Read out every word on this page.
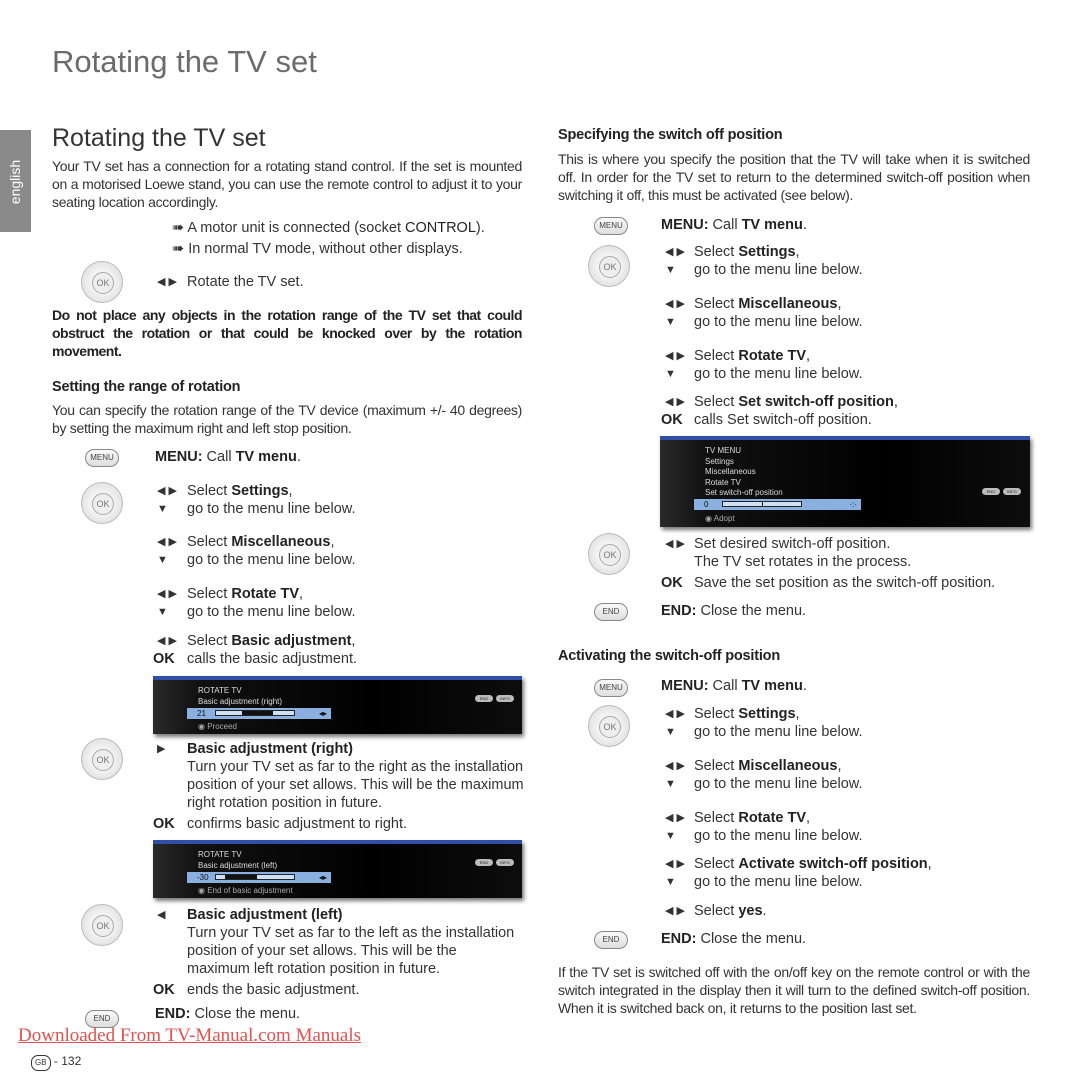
Rotating the TV set
english
Rotating the TV set
Your TV set has a connection for a rotating stand control. If the set is mounted on a motorised Loewe stand, you can use the remote control to adjust it to your seating location accordingly.
➠ A motor unit is connected (socket CONTROL).
➠ In normal TV mode, without other displays.
Do not place any objects in the rotation range of the TV set that could obstruct the rotation or that could be knocked over by the rotation movement.
Setting the range of rotation
You can specify the rotation range of the TV device (maximum +/- 40 degrees) by setting the maximum right and left stop position.
Specifying the switch off position
This is where you specify the position that the TV will take when it is switched off. In order for the TV set to return to the determined switch-off position when switching it off, this must be activated (see below).
Activating the switch-off position
If the TV set is switched off with the on/off key on the remote control or with the switch integrated in the display then it will turn to the defined switch-off position. When it is switched back on, it returns to the position last set.
MENU
END
MENU
END
MENU
END
OK
OK
OK
OK
OK
OK
OK
ROTATE TV
Basic adjustment (right)
21	◂▸
◉ Proceed
END	INFO
ROTATE TV
Basic adjustment (left)
-30	◂▸
◉ End of basic adjustment
END	INFO
TV MENU
Settings
Miscellaneous
Rotate TV
Set switch-off position
0	·:·
◉ Adopt
END	INFO
◀ ▶ Rotate the TV set.
MENU: Call TV menu.
◀ ▶ Select Settings,
▼ go to the menu line below.
◀ ▶ Select Miscellaneous,
▼ go to the menu line below.
◀ ▶ Select Rotate TV,
▼ go to the menu line below.
◀ ▶ Select Basic adjustment,
OK calls the basic adjustment.
▶ Basic adjustment (right)
Turn your TV set as far to the right as the installation
position of your set allows. This will be the maximum
right rotation position in future.
OK confirms basic adjustment to right.
◀ Basic adjustment (left)
Turn your TV set as far to the left as the installation
position of your set allows. This will be the
maximum left rotation position in future.
OK ends the basic adjustment.
END: Close the menu.
MENU: Call TV menu.
◀ ▶ Select Settings,
▼ go to the menu line below.
◀ ▶ Select Miscellaneous,
▼ go to the menu line below.
◀ ▶ Select Rotate TV,
▼ go to the menu line below.
◀ ▶ Select Set switch-off position,
OK calls Set switch-off position.
◀ ▶ Set desired switch-off position.
The TV set rotates in the process.
OK Save the set position as the switch-off position.
END: Close the menu.
MENU: Call TV menu.
◀ ▶ Select Settings,
▼ go to the menu line below.
◀ ▶ Select Miscellaneous,
▼ go to the menu line below.
◀ ▶ Select Rotate TV,
▼ go to the menu line below.
◀ ▶ Select Activate switch-off position,
▼ go to the menu line below.
◀ ▶ Select yes.
END: Close the menu.
Downloaded From TV-Manual.com Manuals
GB - 132
